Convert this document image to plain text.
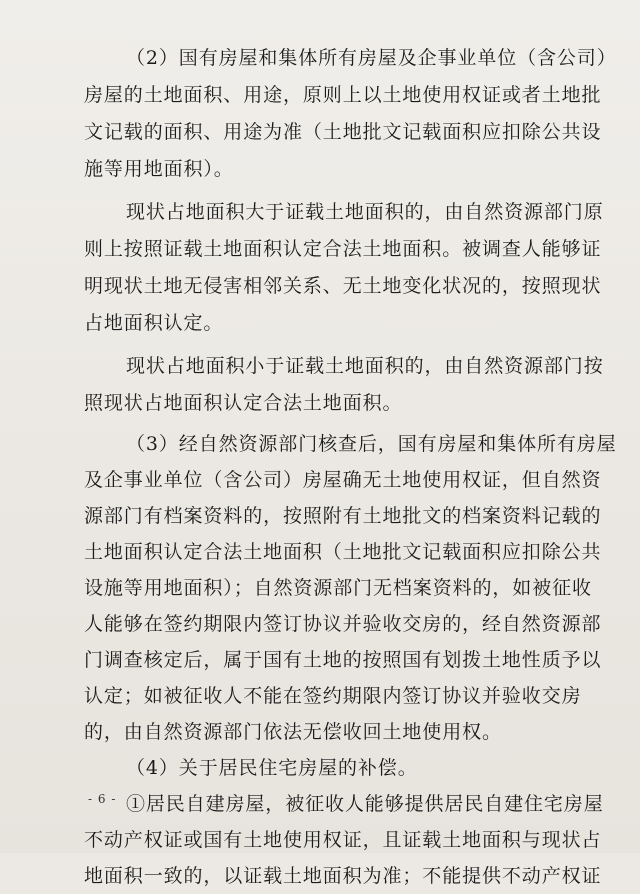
（2）国有房屋和集体所有房屋及企事业单位（含公司）
房屋的土地面积、用途，原则上以土地使用权证或者土地批
文记载的面积、用途为准（土地批文记载面积应扣除公共设
施等用地面积）。
现状占地面积大于证载土地面积的，由自然资源部门原
则上按照证载土地面积认定合法土地面积。被调查人能够证
明现状土地无侵害相邻关系、无土地变化状况的，按照现状
占地面积认定。
现状占地面积小于证载土地面积的，由自然资源部门按
照现状占地面积认定合法土地面积。
（3）经自然资源部门核查后，国有房屋和集体所有房屋
及企事业单位（含公司）房屋确无土地使用权证，但自然资
源部门有档案资料的，按照附有土地批文的档案资料记载的
土地面积认定合法土地面积（土地批文记载面积应扣除公共
设施等用地面积）；自然资源部门无档案资料的，如被征收
人能够在签约期限内签订协议并验收交房的，经自然资源部
门调查核定后，属于国有土地的按照国有划拨土地性质予以
认定；如被征收人不能在签约期限内签订协议并验收交房
的，由自然资源部门依法无偿收回土地使用权。
（4）关于居民住宅房屋的补偿。
①居民自建房屋，被征收人能够提供居民自建住宅房屋
不动产权证或国有土地使用权证，且证载土地面积与现状占
地面积一致的，以证载土地面积为准；不能提供不动产权证
- 6 -
